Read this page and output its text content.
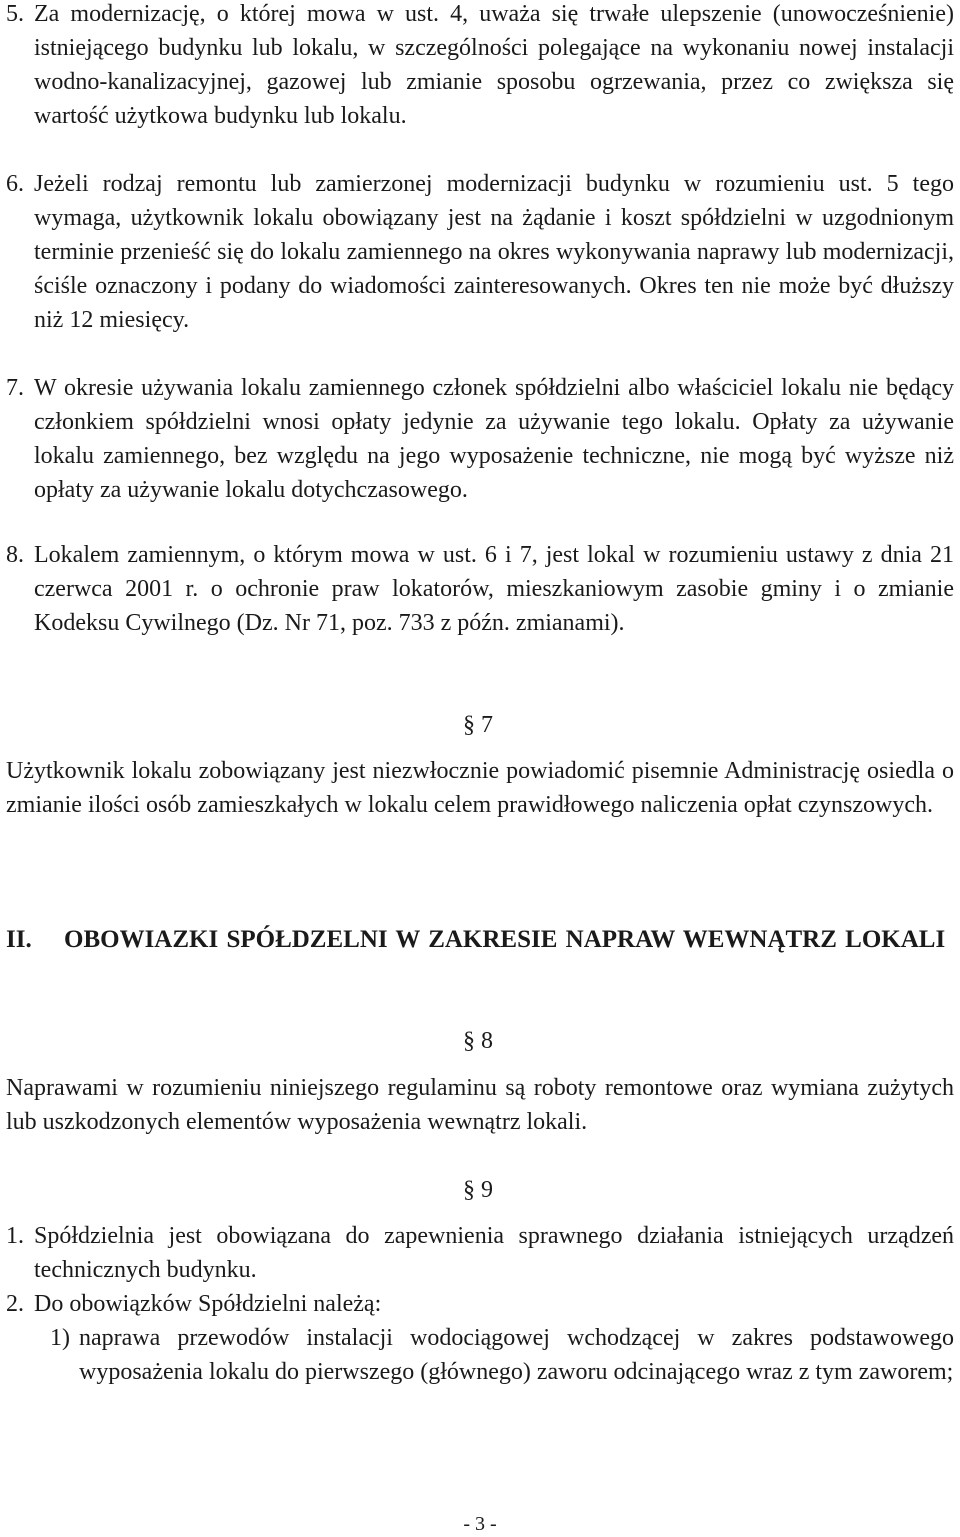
5. Za modernizację, o której mowa w ust. 4, uważa się trwałe ulepszenie (unowocześnienie) istniejącego budynku lub lokalu, w szczególności polegające na wykonaniu nowej instalacji wodno-kanalizacyjnej, gazowej lub zmianie sposobu ogrzewania, przez co zwiększa się wartość użytkowa budynku lub lokalu.
6. Jeżeli rodzaj remontu lub zamierzonej modernizacji budynku w rozumieniu ust. 5 tego wymaga, użytkownik lokalu obowiązany jest na żądanie i koszt spółdzielni w uzgodnionym terminie przenieść się do lokalu zamiennego na okres wykonywania naprawy lub modernizacji, ściśle oznaczony i podany do wiadomości zainteresowanych. Okres ten nie może być dłuższy niż 12 miesięcy.
7. W okresie używania lokalu zamiennego członek spółdzielni albo właściciel lokalu nie będący członkiem spółdzielni wnosi opłaty jedynie za używanie tego lokalu. Opłaty za używanie lokalu zamiennego, bez względu na jego wyposażenie techniczne, nie mogą być wyższe niż opłaty za używanie lokalu dotychczasowego.
8. Lokalem zamiennym, o którym mowa w ust. 6 i 7, jest lokal w rozumieniu ustawy z dnia 21 czerwca 2001 r. o ochronie praw lokatorów, mieszkaniowym zasobie gminy i o zmianie Kodeksu Cywilnego (Dz. Nr 71, poz. 733 z późn. zmianami).
§ 7

Użytkownik lokalu zobowiązany jest niezwłocznie powiadomić pisemnie Administrację osiedla o zmianie ilości osób zamieszkałych w lokalu celem prawidłowego naliczenia opłat czynszowych.

II. OBOWIAZKI SPÓŁDZELNI W ZAKRESIE NAPRAW WEWNĄTRZ LOKALI
§ 8

Naprawami w rozumieniu niniejszego regulaminu są roboty remontowe oraz wymiana zużytych lub uszkodzonych elementów wyposażenia wewnątrz lokali.

§ 9
1. Spółdzielnia jest obowiązana do zapewnienia sprawnego działania istniejących urządzeń technicznych budynku.
2. Do obowiązków Spółdzielni należą:
1) naprawa przewodów instalacji wodociągowej wchodzącej w zakres podstawowego wyposażenia lokalu do pierwszego (głównego) zaworu odcinającego wraz z tym zaworem;
- 3 -
